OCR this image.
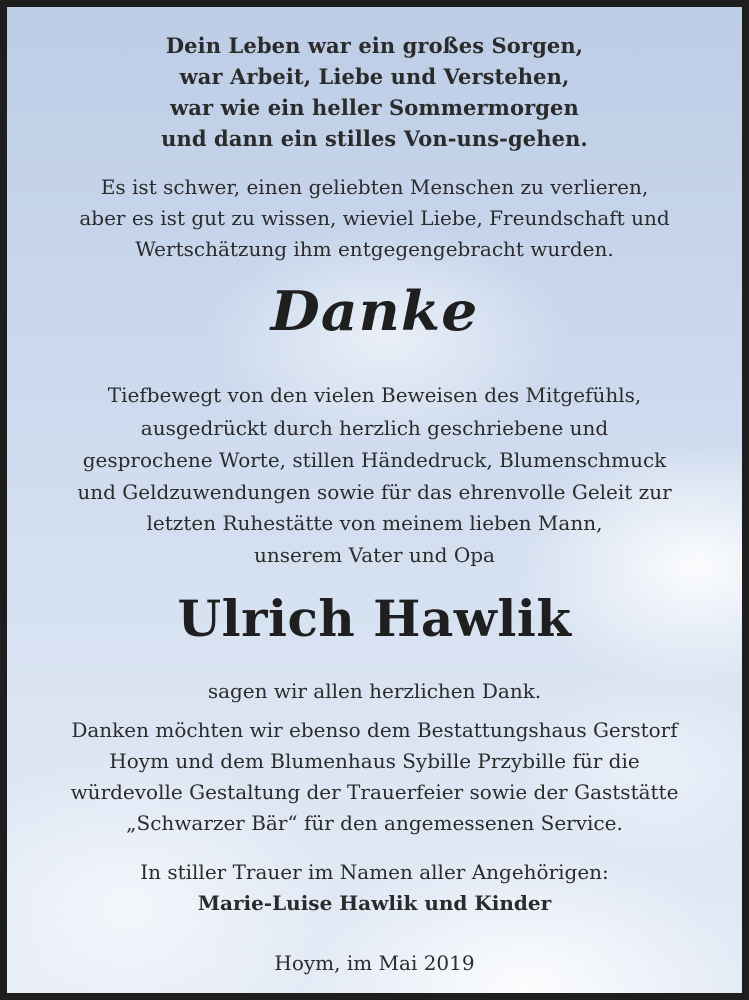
Dein Leben war ein großes Sorgen,
war Arbeit, Liebe und Verstehen,
war wie ein heller Sommermorgen
und dann ein stilles Von-uns-gehen.
Es ist schwer, einen geliebten Menschen zu verlieren,
aber es ist gut zu wissen, wieviel Liebe, Freundschaft und
Wertschätzung ihm entgegengebracht wurden.
Danke
Tiefbewegt von den vielen Beweisen des Mitgefühls,
ausgedrückt durch herzlich geschriebene und
gesprochene Worte, stillen Händedruck, Blumenschmuck
und Geldzuwendungen sowie für das ehrenvolle Geleit zur
letzten Ruhestätte von meinem lieben Mann,
unserem Vater und Opa
Ulrich Hawlik
sagen wir allen herzlichen Dank.
Danken möchten wir ebenso dem Bestattungshaus Gerstorf
Hoym und dem Blumenhaus Sybille Przybille für die
würdevolle Gestaltung der Trauerfeier sowie der Gaststätte
„Schwarzer Bär“ für den angemessenen Service.
In stiller Trauer im Namen aller Angehörigen:
Marie-Luise Hawlik und Kinder
Hoym, im Mai 2019
